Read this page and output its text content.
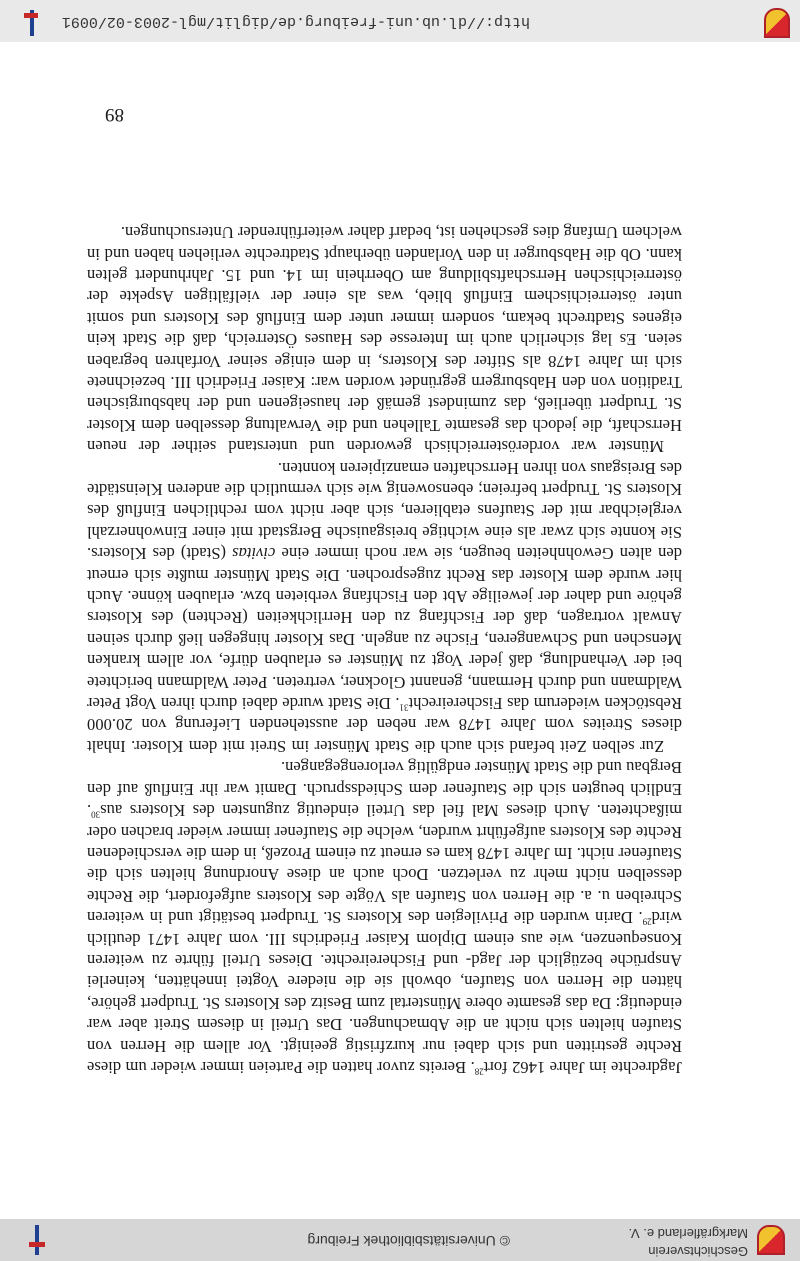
Geschichtsverein
Markgräflerland e. V.
© Universitätsbibliothek Freiburg
http://dl.ub.uni-freiburg.de/diglit/mgl-2003-02/0091

Jagdrechte im Jahre 1462 fort$^{28}$. Bereits zuvor hatten die Parteien immer wieder um diese Rechte gestritten und sich dabei nur kurzfristig geeinigt. Vor allem die Herren von Staufen hielten sich nicht an die Abmachungen. Das Urteil in diesem Streit aber war eindeutig: Da das gesamte obere Münstertal zum Besitz des Klosters St. Trudpert gehöre, hätten die Herren von Staufen, obwohl sie die niedere Vogtei innehätten, keinerlei Ansprüche bezüglich der Jagd- und Fischereirechte. Dieses Urteil führte zu weiteren Konsequenzen, wie aus einem Diplom Kaiser Friedrichs III. vom Jahre 1471 deutlich wird$^{29}$. Darin wurden die Privilegien des Klosters St. Trudpert bestätigt und in weiteren Schreiben u. a. die Herren von Staufen als Vögte des Klosters aufgefordert, die Rechte desselben nicht mehr zu verletzen. Doch auch an diese Anordnung hielten sich die Staufener nicht. Im Jahre 1478 kam es erneut zu einem Prozeß, in dem die verschiedenen Rechte des Klosters aufgeführt wurden, welche die Staufener immer wieder brachen oder mißachteten. Auch dieses Mal fiel das Urteil eindeutig zugunsten des Klosters aus$^{30}$. Endlich beugten sich die Staufener dem Schiedsspruch. Damit war ihr Einfluß auf den Bergbau und die Stadt Münster endgültig verlorengegangen.

Zur selben Zeit befand sich auch die Stadt Münster im Streit mit dem Kloster. Inhalt dieses Streites vom Jahre 1478 war neben der ausstehenden Lieferung von 20.000 Rebstöcken wiederum das Fischereirecht$^{31}$. Die Stadt wurde dabei durch ihren Vogt Peter Waldmann und durch Hermann, genannt Glockner, vertreten. Peter Waldmann berichtete bei der Verhandlung, daß jeder Vogt zu Münster es erlauben dürfe, vor allem kranken Menschen und Schwangeren, Fische zu angeln. Das Kloster hingegen ließ durch seinen Anwalt vortragen, daß der Fischfang zu den Herrlichkeiten (Rechten) des Klosters gehöre und daher der jeweilige Abt den Fischfang verbieten bzw. erlauben könne. Auch hier wurde dem Kloster das Recht zugesprochen. Die Stadt Münster mußte sich erneut den alten Gewohnheiten beugen, sie war noch immer eine civitas (Stadt) des Klosters. Sie konnte sich zwar als eine wichtige breisgauische Bergstadt mit einer Einwohnerzahl vergleichbar mit der Staufens etablieren, sich aber nicht vom rechtlichen Einfluß des Klosters St. Trudpert befreien; ebensowenig wie sich vermutlich die anderen Kleinstädte des Breisgaus von ihren Herrschaften emanzipieren konnten.

Münster war vorderösterreichisch geworden und unterstand seither der neuen Herrschaft, die jedoch das gesamte Tallehen und die Verwaltung desselben dem Kloster St. Trudpert überließ, das zumindest gemäß der hauseigenen und der habsburgischen Tradition von den Habsburgern gegründet worden war: Kaiser Friedrich III. bezeichnete sich im Jahre 1478 als Stifter des Klosters, in dem einige seiner Vorfahren begraben seien. Es lag sicherlich auch im Interesse des Hauses Österreich, daß die Stadt kein eigenes Stadtrecht bekam, sondern immer unter dem Einfluß des Klosters und somit unter österreichischem Einfluß blieb, was als einer der vielfältigen Aspekte der österreichischen Herrschaftsbildung am Oberrhein im 14. und 15. Jahrhundert gelten kann. Ob die Habsburger in den Vorlanden überhaupt Stadtrechte verliehen haben und in welchem Umfang dies geschehen ist, bedarf daher weiterführender Untersuchungen.

89
